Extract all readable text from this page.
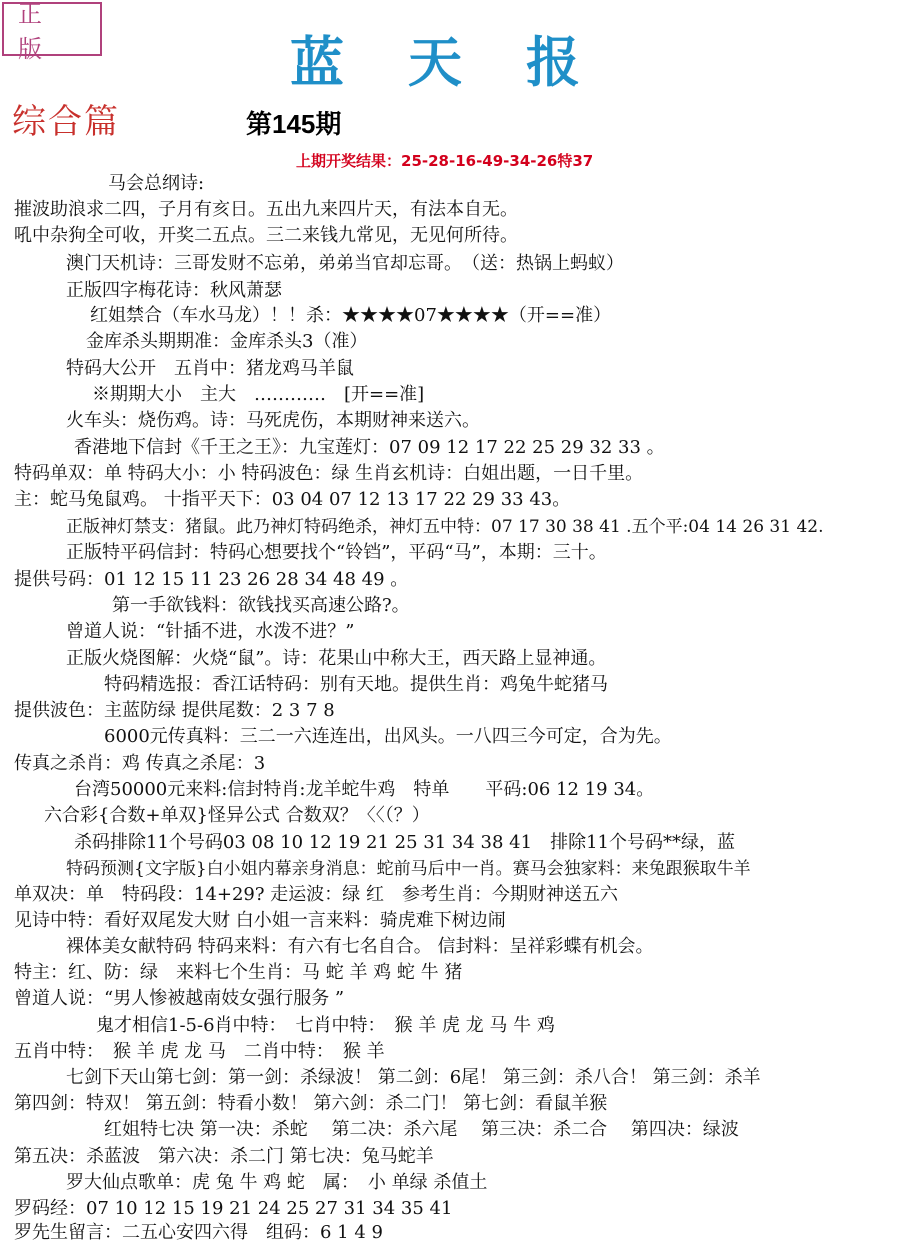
正 版	蓝天报
综合篇	第145期
上期开奖结果：25-28-16-49-34-26特37
马会总纲诗:
摧波助浪求二四，子月有亥日。五出九来四片天，有法本自无。
吼中杂狗全可收，开奖二五点。三二来钱九常见，无见何所待。
澳门天机诗：三哥发财不忘弟，弟弟当官却忘哥。　（送：热锅上蚂蚁）
正版四字梅花诗：秋风萧瑟
红姐禁合（车水马龙）！！杀：★★★★07★★★★（开==准）
金库杀头期期准：金库杀头3（准）
特码大公开　五肖中：猪龙鸡马羊鼠
※期期大小　主大　…………　[开==准]
火车头：烧伤鸡。诗：马死虎伤，本期财神来送六。
香港地下信封《千王之王》：九宝莲灯：07 09 12 17 22 25 29 32 33 。
特码单双：单 特码大小：小 特码波色：绿 生肖玄机诗：白姐出题，一日千里。
主：蛇马兔鼠鸡。 十指平天下：03 04 07 12 13 17 22 29 33 43。
正版神灯禁支：猪鼠。此乃神灯特码绝杀，神灯五中特：07 17 30 38 41 .五个平:04 14 26 31 42.
正版特平码信封：特码心想要找个“铃铛”，平码“马”，本期：三十。
提供号码：01 12 15 11 23 26 28 34 48 49 。
第一手欲钱料：欲钱找买高速公路?。
曾道人说：“针插不进，水泼不进？”
正版火烧图解：火烧“鼠”。诗：花果山中称大王，西天路上显神通。
特码精选报：香江话特码：别有天地。提供生肖：鸡兔牛蛇猪马
提供波色：主蓝防绿 提供尾数：2 3 7 8
6000元传真料：三二一六连连出，出风头。一八四三今可定，合为先。
传真之杀肖：鸡 传真之杀尾：3
台湾50000元来料:信封特肖:龙羊蛇牛鸡　特单　　平码:06 12 19 34。
六合彩{合数+单双}怪异公式 合数双？〈〈（？）
杀码排除11个号码03 08 10 12 19 21 25 31 34 38 41　排除11个号码**绿，蓝
特码预测{文字版}白小姐内幕亲身消息：蛇前马后中一肖。赛马会独家料：来兔跟猴取牛羊
单双决：单　特码段：14+29? 走运波：绿 红　参考生肖：今期财神送五六
见诗中特：看好双尾发大财 白小姐一言来料：骑虎难下树边闹
裸体美女献特码 特码来料：有六有七名自合。 信封料：呈祥彩蝶有机会。
特主：红、防：绿　来料七个生肖：马 蛇 羊 鸡 蛇 牛 猪
曾道人说：“男人惨被越南妓女强行服务 ”
鬼才相信1-5-6肖中特：　七肖中特：　猴 羊 虎 龙 马 牛 鸡
五肖中特：　猴 羊 虎 龙 马　二肖中特：　猴 羊
七剑下天山第七剑：第一剑：杀绿波！ 第二剑：6尾！ 第三剑：杀八合！ 第三剑：杀羊
第四剑：特双！ 第五剑：特看小数！ 第六剑：杀二门！ 第七剑：看鼠羊猴
红姐特七决 第一决：杀蛇　 第二决：杀六尾　 第三决：杀二合　 第四决：绿波
第五决：杀蓝波　第六决：杀二门 第七决：兔马蛇羊
罗大仙点歌单：虎 兔 牛 鸡 蛇　属：　小 单绿 杀值土
罗码经：07 10 12 15 19 21 24 25 27 31 34 35 41
罗先生留言：二五心安四六得　组码：6 1 4 9
